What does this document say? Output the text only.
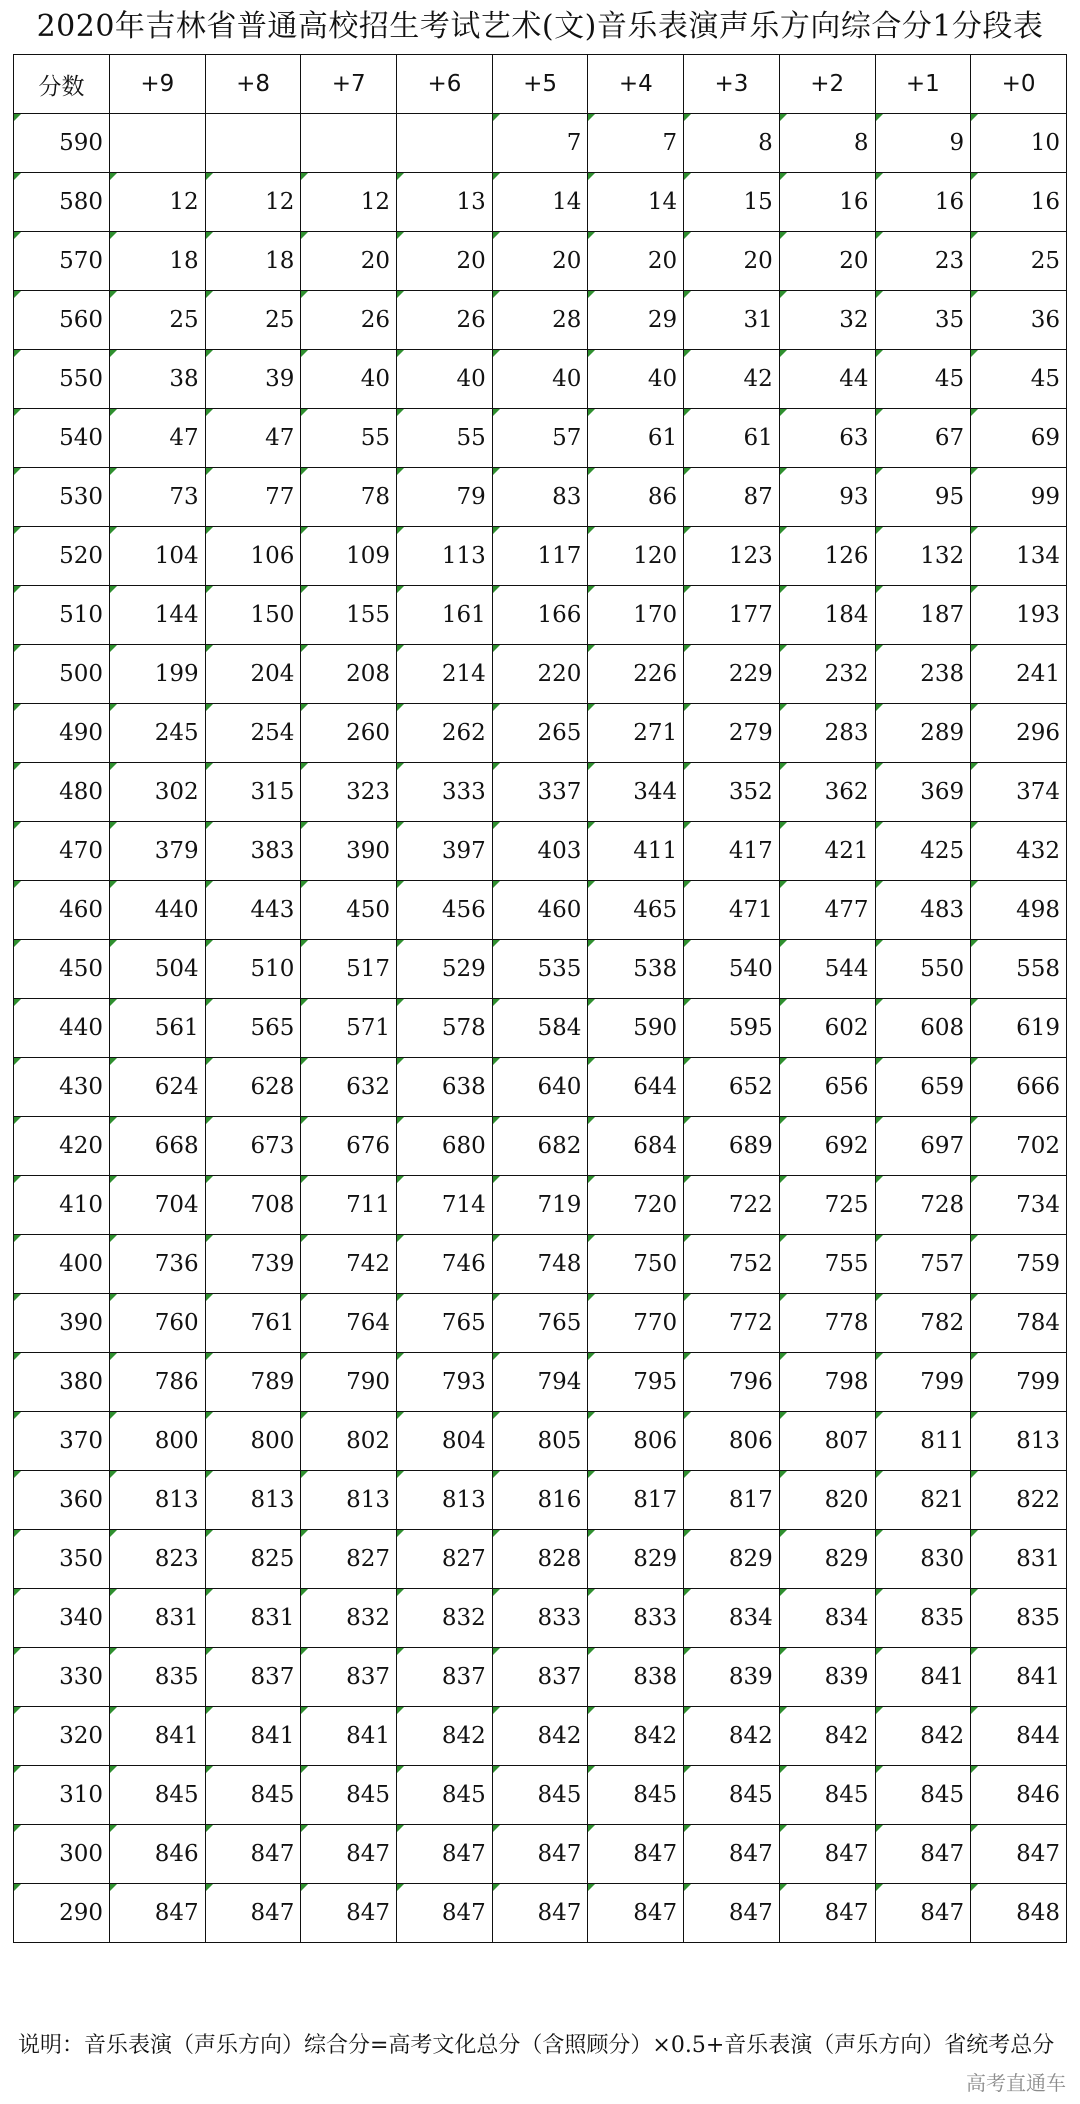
2020年吉林省普通高校招生考试艺术(文)音乐表演声乐方向综合分1分段表
分数	+9	+8	+7	+6	+5	+4	+3	+2	+1	+0
590					7	7	8	8	9	10
580	12	12	12	13	14	14	15	16	16	16
570	18	18	20	20	20	20	20	20	23	25
560	25	25	26	26	28	29	31	32	35	36
550	38	39	40	40	40	40	42	44	45	45
540	47	47	55	55	57	61	61	63	67	69
530	73	77	78	79	83	86	87	93	95	99
520	104	106	109	113	117	120	123	126	132	134
510	144	150	155	161	166	170	177	184	187	193
500	199	204	208	214	220	226	229	232	238	241
490	245	254	260	262	265	271	279	283	289	296
480	302	315	323	333	337	344	352	362	369	374
470	379	383	390	397	403	411	417	421	425	432
460	440	443	450	456	460	465	471	477	483	498
450	504	510	517	529	535	538	540	544	550	558
440	561	565	571	578	584	590	595	602	608	619
430	624	628	632	638	640	644	652	656	659	666
420	668	673	676	680	682	684	689	692	697	702
410	704	708	711	714	719	720	722	725	728	734
400	736	739	742	746	748	750	752	755	757	759
390	760	761	764	765	765	770	772	778	782	784
380	786	789	790	793	794	795	796	798	799	799
370	800	800	802	804	805	806	806	807	811	813
360	813	813	813	813	816	817	817	820	821	822
350	823	825	827	827	828	829	829	829	830	831
340	831	831	832	832	833	833	834	834	835	835
330	835	837	837	837	837	838	839	839	841	841
320	841	841	841	842	842	842	842	842	842	844
310	845	845	845	845	845	845	845	845	845	846
300	846	847	847	847	847	847	847	847	847	847
290	847	847	847	847	847	847	847	847	847	848
说明：音乐表演（声乐方向）综合分=高考文化总分（含照顾分）×0.5+音乐表演（声乐方向）省统考总分
高考直通车
